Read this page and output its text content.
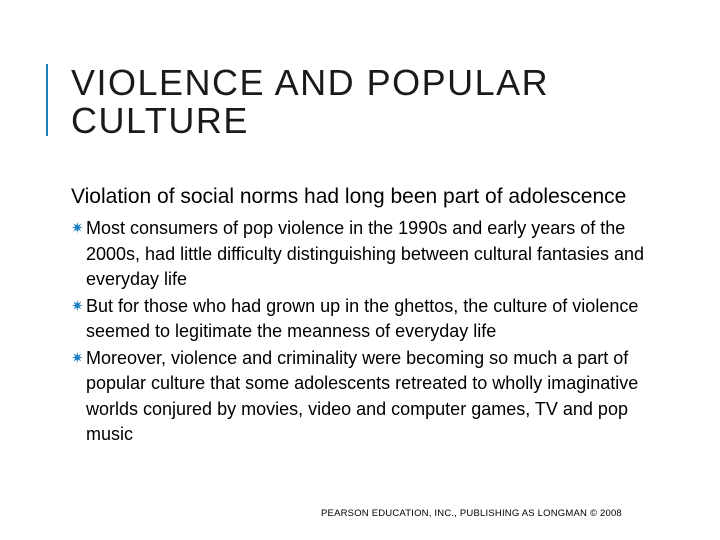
VIOLENCE AND POPULAR
CULTURE

Violation of social norms had long been part of adolescence

✷ Most consumers of pop violence in the 1990s and early years of the 2000s, had little difficulty distinguishing between cultural fantasies and everyday life
✷ But for those who had grown up in the ghettos, the culture of violence seemed to legitimate the meanness of everyday life
✷ Moreover, violence and criminality were becoming so much a part of popular culture that some adolescents retreated to wholly imaginative worlds conjured by movies, video and computer games, TV and pop music
PEARSON EDUCATION, INC., PUBLISHING AS LONGMAN © 2008
